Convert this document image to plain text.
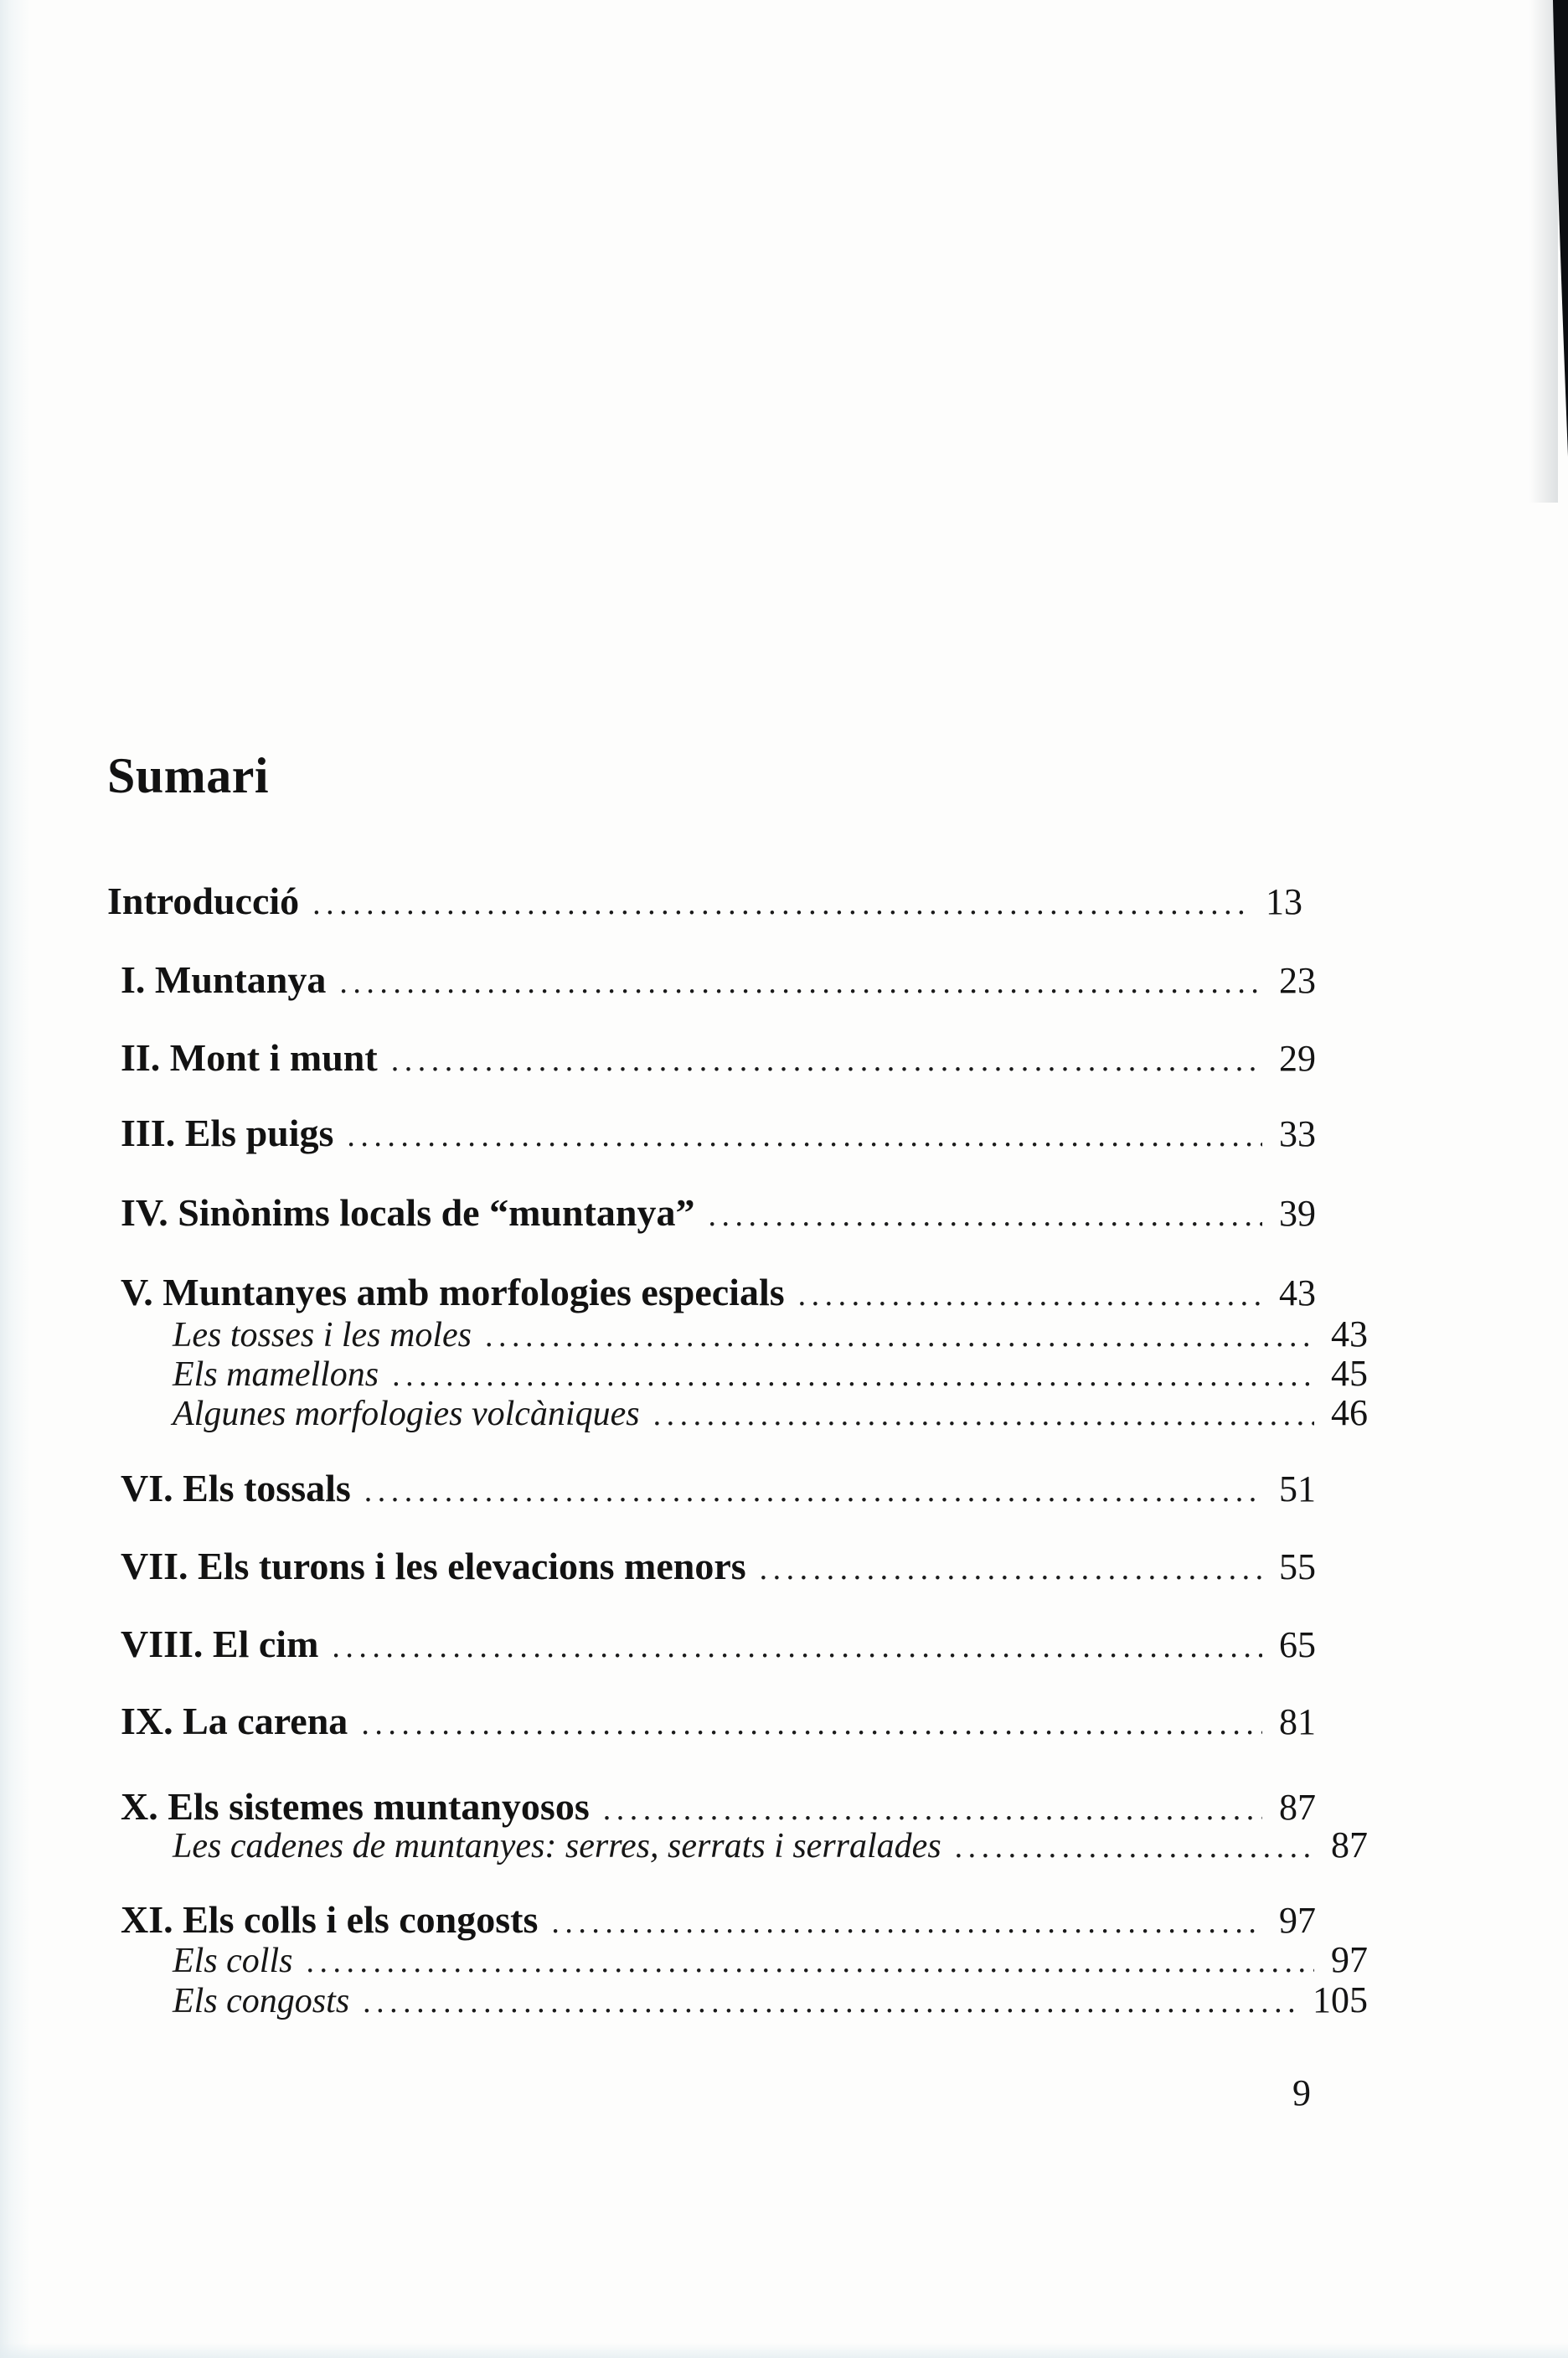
Sumari
Introducció .....	13
I. Muntanya .....	23
II. Mont i munt .....	29
III. Els puigs .....	33
IV. Sinònims locals de “muntanya” .....	39
V. Muntanyes amb morfologies especials .....	43
Les tosses i les moles .....	43
Els mamellons .....	45
Algunes morfologies volcàniques .....	46
VI. Els tossals .....	51
VII. Els turons i les elevacions menors .....	55
VIII. El cim .....	65
IX. La carena .....	81
X. Els sistemes muntanyosos .....	87
Les cadenes de muntanyes: serres, serrats i serralades .....	87
XI. Els colls i els congosts .....	97
Els colls .....	97
Els congosts .....	105
9
